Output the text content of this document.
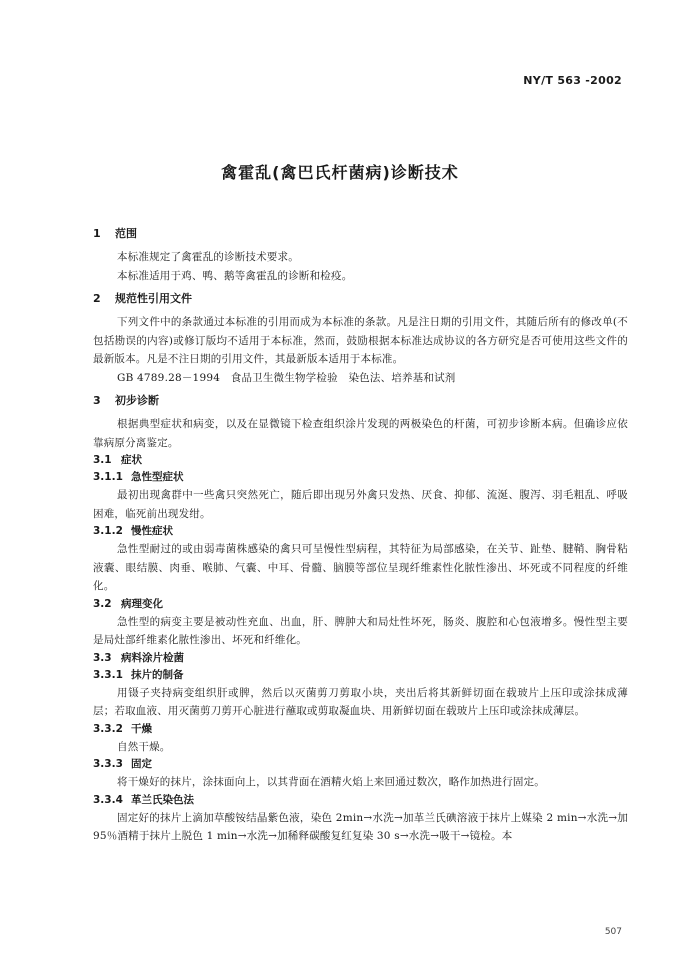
NY/T 563 -2002
禽霍乱(禽巴氏杆菌病)诊断技术
1 范围

本标准规定了禽霍乱的诊断技术要求。

本标准适用于鸡、鸭、鹅等禽霍乱的诊断和检疫。

2 规范性引用文件

下列文件中的条款通过本标准的引用而成为本标准的条款。凡是注日期的引用文件，其随后所有的修改单(不包括勘误的内容)或修订版均不适用于本标准，然而，鼓励根据本标准达成协议的各方研究是否可使用这些文件的最新版本。凡是不注日期的引用文件，其最新版本适用于本标准。

GB 4789.28－1994　食品卫生微生物学检验　染色法、培养基和试剂

3 初步诊断

根据典型症状和病变，以及在显微镜下检查组织涂片发现的两极染色的杆菌，可初步诊断本病。但确诊应依靠病原分离鉴定。

3.1 症状
3.1.1 急性型症状

最初出现禽群中一些禽只突然死亡，随后即出现另外禽只发热、厌食、抑郁、流涎、腹泻、羽毛粗乱、呼吸困难，临死前出现发绀。

3.1.2 慢性症状

急性型耐过的或由弱毒菌株感染的禽只可呈慢性型病程，其特征为局部感染，在关节、趾垫、腱鞘、胸骨粘液囊、眼结膜、肉垂、喉肺、气囊、中耳、骨髓、脑膜等部位呈现纤维素性化脓性渗出、坏死或不同程度的纤维化。

3.2 病理变化

急性型的病变主要是被动性充血、出血，肝、脾肿大和局灶性坏死，肠炎、腹腔和心包液增多。慢性型主要是局灶部纤维素化脓性渗出、坏死和纤维化。

3.3 病料涂片检菌
3.3.1 抹片的制备

用镊子夹持病变组织肝或脾，然后以灭菌剪刀剪取小块，夹出后将其新鲜切面在载玻片上压印或涂抹成薄层；若取血液、用灭菌剪刀剪开心脏进行蘸取或剪取凝血块、用新鲜切面在载玻片上压印或涂抹成薄层。

3.3.2 干燥

自然干燥。

3.3.3 固定

将干燥好的抹片，涂抹面向上，以其背面在酒精火焰上来回通过数次，略作加热进行固定。

3.3.4 革兰氏染色法

固定好的抹片上滴加草酸铵结晶紫色液，染色 2min→水洗→加革兰氏碘溶液于抹片上媒染 2 min→水洗→加95％酒精于抹片上脱色 1 min→水洗→加稀释碳酸复红复染 30 s→水洗→吸干→镜检。本

507
